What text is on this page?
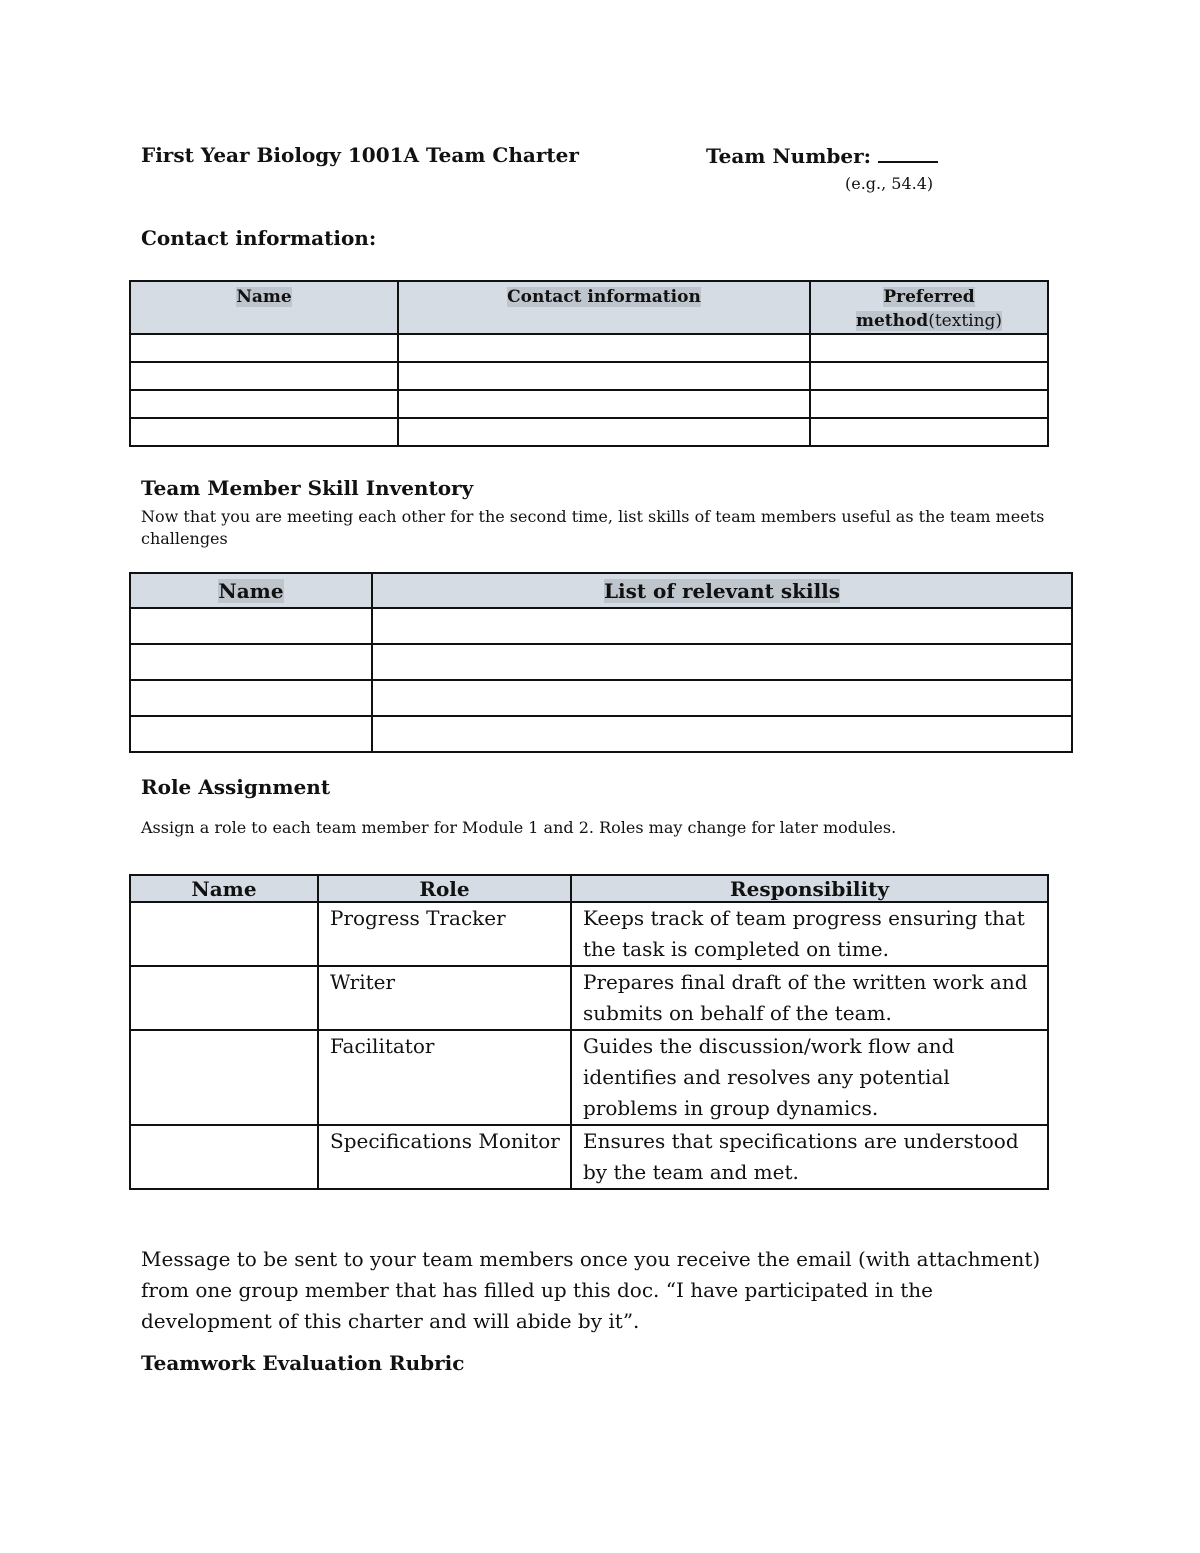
First Year Biology 1001A Team Charter	Team Number:
(e.g., 54.4)
Contact information:
Name	Contact information	Preferred
method(texting)

Team Member Skill Inventory
Now that you are meeting each other for the second time, list skills of team members useful as the team meets
challenges
Name	List of relevant skills

Role Assignment
Assign a role to each team member for Module 1 and 2. Roles may change for later modules.
Name	Role	Responsibility
	Progress Tracker	Keeps track of team progress ensuring that the task is completed on time.
	Writer	Prepares final draft of the written work and submits on behalf of the team.
	Facilitator	Guides the discussion/work flow and identifies and resolves any potential problems in group dynamics.
	Specifications Monitor	Ensures that specifications are understood by the team and met.
Message to be sent to your team members once you receive the email (with attachment) from one group member that has filled up this doc. “I have participated in the development of this charter and will abide by it”.
Teamwork Evaluation Rubric
